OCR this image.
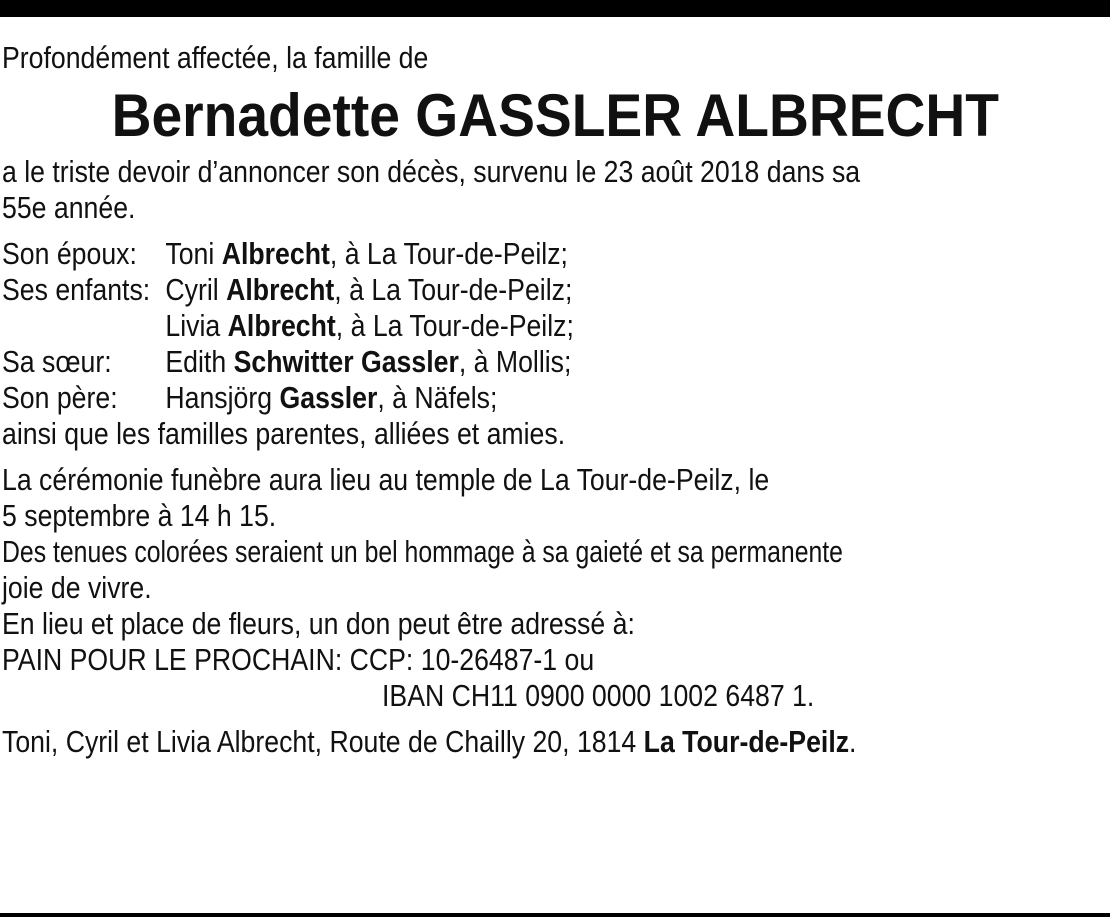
Profondément affectée, la famille de
Bernadette GASSLER ALBRECHT
a le triste devoir d’annoncer son décès, survenu le 23 août 2018 dans sa
55e année.
Son époux:	Toni Albrecht, à La Tour-de-Peilz;
Ses enfants:	Cyril Albrecht, à La Tour-de-Peilz;
	Livia Albrecht, à La Tour-de-Peilz;
Sa sœur:	Edith Schwitter Gassler, à Mollis;
Son père:	Hansjörg Gassler, à Näfels;
ainsi que les familles parentes, alliées et amies.
La cérémonie funèbre aura lieu au temple de La Tour-de-Peilz, le
5 septembre à 14 h 15.
Des tenues colorées seraient un bel hommage à sa gaieté et sa permanente
joie de vivre.
En lieu et place de fleurs, un don peut être adressé à:
PAIN POUR LE PROCHAIN: CCP: 10-26487-1 ou
IBAN CH11 0900 0000 1002 6487 1.
Toni, Cyril et Livia Albrecht, Route de Chailly 20, 1814 La Tour-de-Peilz.
